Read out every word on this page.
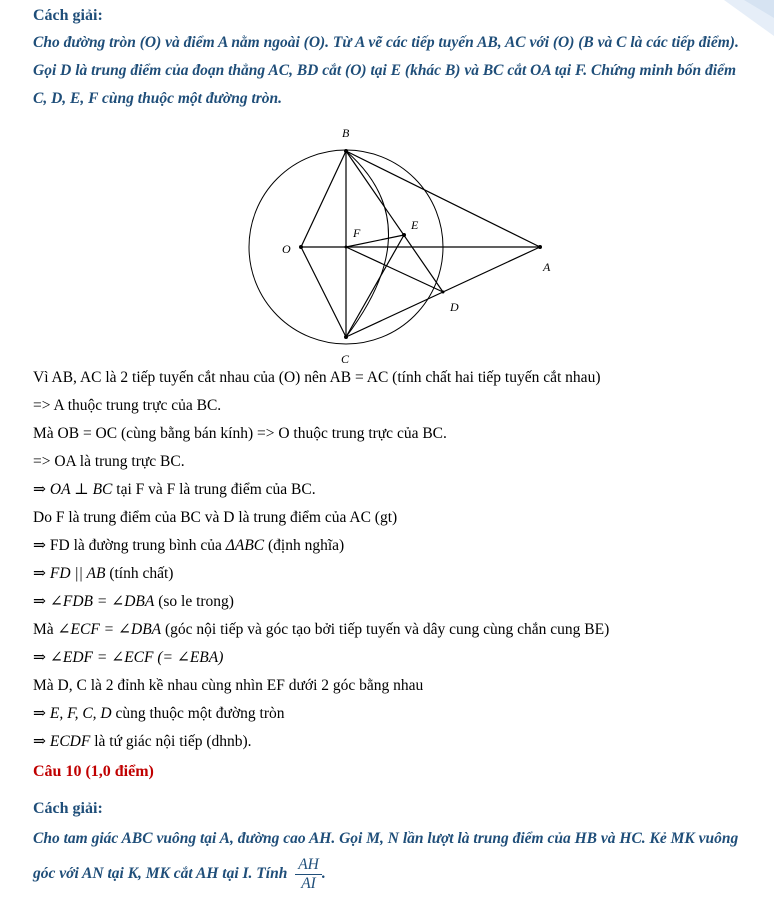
Cách giải:

Cho đường tròn (O) và điểm A nằm ngoài (O). Từ A vẽ các tiếp tuyến AB, AC với (O) (B và C là các tiếp điểm). Gọi D là trung điểm của đoạn thẳng AC, BD cắt (O) tại E (khác B) và BC cắt OA tại F. Chứng minh bốn điểm C, D, E, F cùng thuộc một đường tròn.

B
O
F
E
A
D
C

Vì AB, AC là 2 tiếp tuyến cắt nhau của (O) nên AB = AC (tính chất hai tiếp tuyến cắt nhau)

=> A thuộc trung trực của BC.

Mà OB = OC (cùng bằng bán kính) => O thuộc trung trực của BC.

=> OA là trung trực BC.

⇒ OA ⊥ BC tại F và F là trung điểm của BC.

Do F là trung điểm của BC và D là trung điểm của AC (gt)

⇒ FD là đường trung bình của ΔABC (định nghĩa)

⇒ FD || AB (tính chất)

⇒ ∠FDB = ∠DBA (so le trong)

Mà ∠ECF = ∠DBA (góc nội tiếp và góc tạo bởi tiếp tuyến và dây cung cùng chắn cung BE)

⇒ ∠EDF = ∠ECF (= ∠EBA)

Mà D, C là 2 đỉnh kề nhau cùng nhìn EF dưới 2 góc bằng nhau

⇒ E, F, C, D cùng thuộc một đường tròn

⇒ ECDF là tứ giác nội tiếp (dhnb).

Câu 10 (1,0 điểm)

Cách giải:

Cho tam giác ABC vuông tại A, đường cao AH. Gọi M, N lần lượt là trung điểm của HB và HC. Kẻ MK vuông góc với AN tại K, MK cắt AH tại I. Tính $\frac{AH}{AI}$ .
